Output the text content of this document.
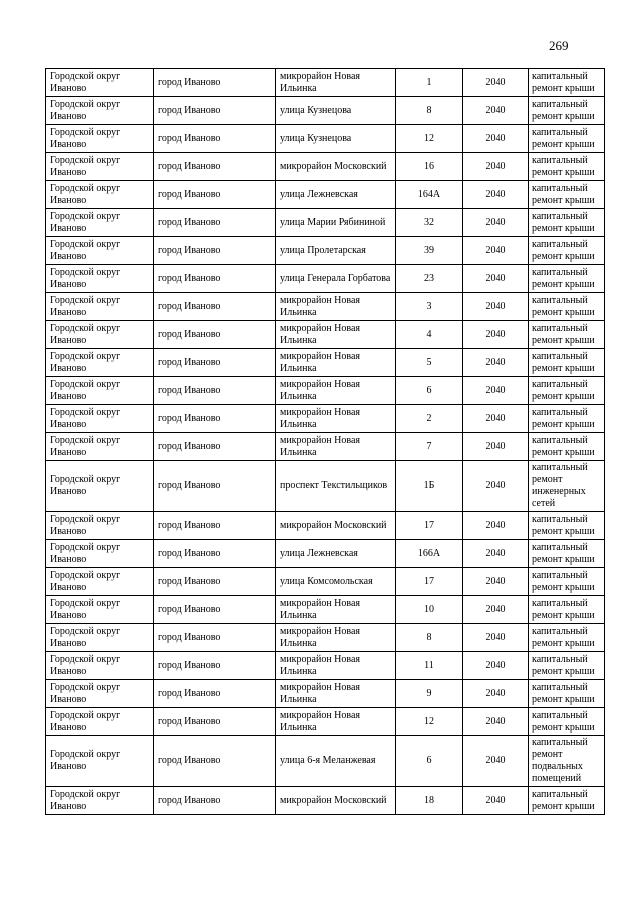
269
Городской округ Иваново	город Иваново	микрорайон Новая Ильинка	1	2040	капитальный ремонт крыши
Городской округ Иваново	город Иваново	улица Кузнецова	8	2040	капитальный ремонт крыши
Городской округ Иваново	город Иваново	улица Кузнецова	12	2040	капитальный ремонт крыши
Городской округ Иваново	город Иваново	микрорайон Московский	16	2040	капитальный ремонт крыши
Городской округ Иваново	город Иваново	улица Лежневская	164А	2040	капитальный ремонт крыши
Городской округ Иваново	город Иваново	улица Марии Рябининой	32	2040	капитальный ремонт крыши
Городской округ Иваново	город Иваново	улица Пролетарская	39	2040	капитальный ремонт крыши
Городской округ Иваново	город Иваново	улица Генерала Горбатова	23	2040	капитальный ремонт крыши
Городской округ Иваново	город Иваново	микрорайон Новая Ильинка	3	2040	капитальный ремонт крыши
Городской округ Иваново	город Иваново	микрорайон Новая Ильинка	4	2040	капитальный ремонт крыши
Городской округ Иваново	город Иваново	микрорайон Новая Ильинка	5	2040	капитальный ремонт крыши
Городской округ Иваново	город Иваново	микрорайон Новая Ильинка	6	2040	капитальный ремонт крыши
Городской округ Иваново	город Иваново	микрорайон Новая Ильинка	2	2040	капитальный ремонт крыши
Городской округ Иваново	город Иваново	микрорайон Новая Ильинка	7	2040	капитальный ремонт крыши
Городской округ Иваново	город Иваново	проспект Текстильщиков	1Б	2040	капитальный ремонт инженерных сетей
Городской округ Иваново	город Иваново	микрорайон Московский	17	2040	капитальный ремонт крыши
Городской округ Иваново	город Иваново	улица Лежневская	166А	2040	капитальный ремонт крыши
Городской округ Иваново	город Иваново	улица Комсомольская	17	2040	капитальный ремонт крыши
Городской округ Иваново	город Иваново	микрорайон Новая Ильинка	10	2040	капитальный ремонт крыши
Городской округ Иваново	город Иваново	микрорайон Новая Ильинка	8	2040	капитальный ремонт крыши
Городской округ Иваново	город Иваново	микрорайон Новая Ильинка	11	2040	капитальный ремонт крыши
Городской округ Иваново	город Иваново	микрорайон Новая Ильинка	9	2040	капитальный ремонт крыши
Городской округ Иваново	город Иваново	микрорайон Новая Ильинка	12	2040	капитальный ремонт крыши
Городской округ Иваново	город Иваново	улица 6-я Меланжевая	6	2040	капитальный ремонт подвальных помещений
Городской округ Иваново	город Иваново	микрорайон Московский	18	2040	капитальный ремонт крыши
